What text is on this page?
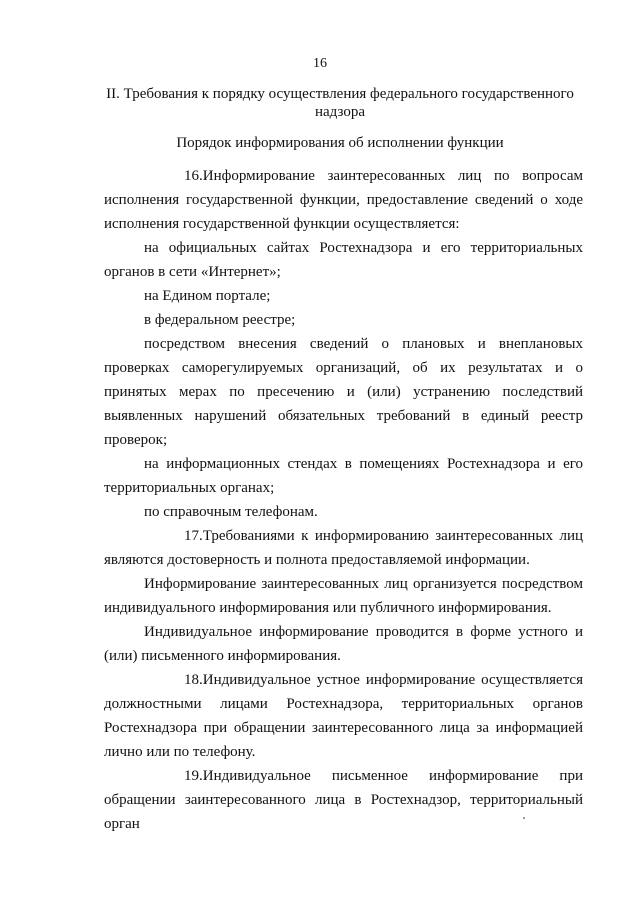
16
II. Требования к порядку осуществления федерального государственного надзора
Порядок информирования об исполнении функции

16.Информирование заинтересованных лиц по вопросам исполнения государственной функции, предоставление сведений о ходе исполнения государственной функции осуществляется:

на официальных сайтах Ростехнадзора и его территориальных органов в сети «Интернет»;

на Едином портале;

в федеральном реестре;

посредством внесения сведений о плановых и внеплановых проверках саморегулируемых организаций, об их результатах и о принятых мерах по пресечению и (или) устранению последствий выявленных нарушений обязательных требований в единый реестр проверок;

на информационных стендах в помещениях Ростехнадзора и его территориальных органах;

по справочным телефонам.

17.Требованиями к информированию заинтересованных лиц являются достоверность и полнота предоставляемой информации.

Информирование заинтересованных лиц организуется посредством индивидуального информирования или публичного информирования.

Индивидуальное информирование проводится в форме устного и (или) письменного информирования.

18.Индивидуальное устное информирование осуществляется должностными лицами Ростехнадзора, территориальных органов Ростехнадзора при обращении заинтересованного лица за информацией лично или по телефону.

19.Индивидуальное письменное информирование при обращении заинтересованного лица в Ростехнадзор, территориальный орган
